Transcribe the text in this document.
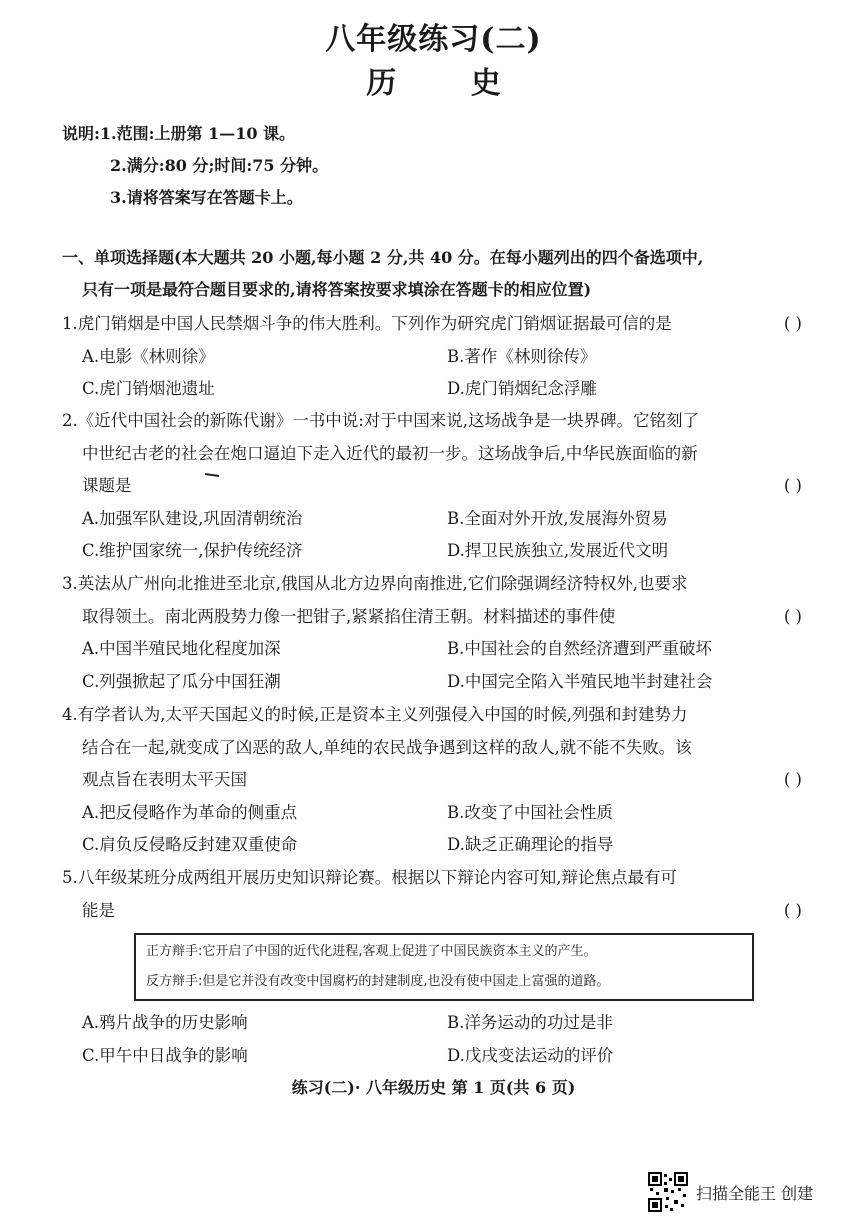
八年级练习(二)
历 史
说明:1.范围:上册第 1—10 课。
2.满分:80 分;时间:75 分钟。
3.请将答案写在答题卡上。
一、单项选择题(本大题共 20 小题,每小题 2 分,共 40 分。在每小题列出的四个备选项中,
只有一项是最符合题目要求的,请将答案按要求填涂在答题卡的相应位置)
1.虎门销烟是中国人民禁烟斗争的伟大胜利。下列作为研究虎门销烟证据最可信的是	( )
A.电影《林则徐》	B.著作《林则徐传》
C.虎门销烟池遗址	D.虎门销烟纪念浮雕
2.《近代中国社会的新陈代谢》一书中说:对于中国来说,这场战争是一块界碑。它铭刻了
中世纪古老的社会在炮口逼迫下走入近代的最初一步。这场战争后,中华民族面临的新
课题是	( )
A.加强军队建设,巩固清朝统治	B.全面对外开放,发展海外贸易
C.维护国家统一,保护传统经济	D.捍卫民族独立,发展近代文明
3.英法从广州向北推进至北京,俄国从北方边界向南推进,它们除强调经济特权外,也要求
取得领土。南北两股势力像一把钳子,紧紧掐住清王朝。材料描述的事件使	( )
A.中国半殖民地化程度加深	B.中国社会的自然经济遭到严重破坏
C.列强掀起了瓜分中国狂潮	D.中国完全陷入半殖民地半封建社会
4.有学者认为,太平天国起义的时候,正是资本主义列强侵入中国的时候,列强和封建势力
结合在一起,就变成了凶恶的敌人,单纯的农民战争遇到这样的敌人,就不能不失败。该
观点旨在表明太平天国	( )
A.把反侵略作为革命的侧重点	B.改变了中国社会性质
C.肩负反侵略反封建双重使命	D.缺乏正确理论的指导
5.八年级某班分成两组开展历史知识辩论赛。根据以下辩论内容可知,辩论焦点最有可
能是	( )
正方辩手:它开启了中国的近代化进程,客观上促进了中国民族资本主义的产生。
反方辩手:但是它并没有改变中国腐朽的封建制度,也没有使中国走上富强的道路。
A.鸦片战争的历史影响	B.洋务运动的功过是非
C.甲午中日战争的影响	D.戊戌变法运动的评价
练习(二)· 八年级历史 第 1 页(共 6 页)
扫描全能王 创建
